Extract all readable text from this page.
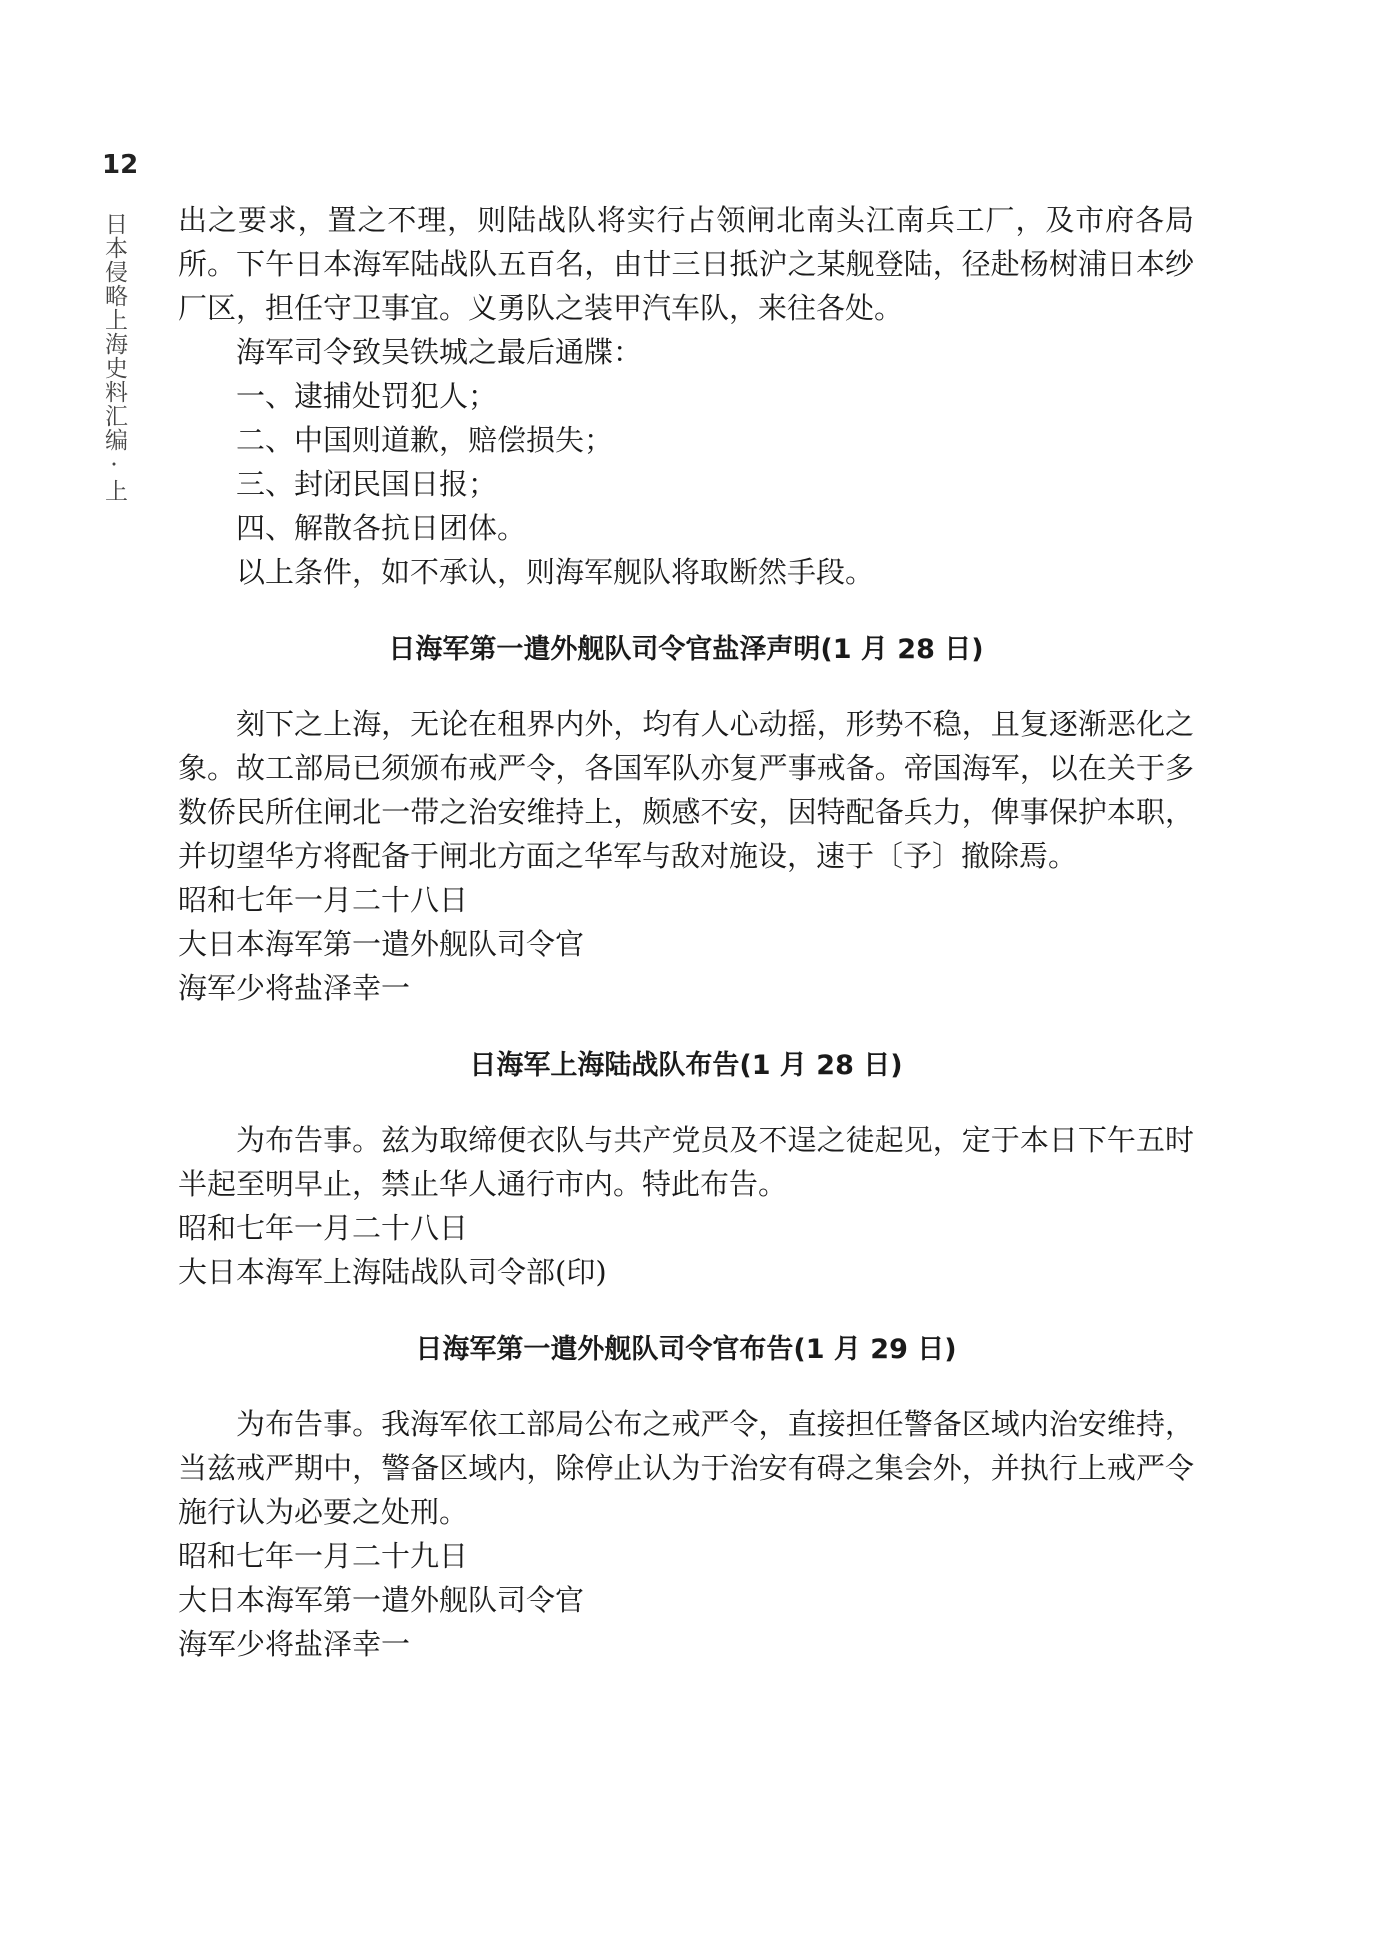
12
日本侵略上海史料汇编·上 出之要求，置之不理，则陆战队将实行占领闸北南头江南兵工厂，及市府各局所。下午日本海军陆战队五百名，由廿三日抵沪之某舰登陆，径赴杨树浦日本纱厂区，担任守卫事宜。义勇队之装甲汽车队，来往各处。

海军司令致吴铁城之最后通牒：

一、逮捕处罚犯人；

二、中国则道歉，赔偿损失；

三、封闭民国日报；

四、解散各抗日团体。

以上条件，如不承认，则海军舰队将取断然手段。

日海军第一遣外舰队司令官盐泽声明(1 月 28 日)

刻下之上海，无论在租界内外，均有人心动摇，形势不稳，且复逐渐恶化之象。故工部局已须颁布戒严令，各国军队亦复严事戒备。帝国海军，以在关于多数侨民所住闸北一带之治安维持上，颇感不安，因特配备兵力，俾事保护本职，并切望华方将配备于闸北方面之华军与敌对施设，速于〔予〕撤除焉。

昭和七年一月二十八日

大日本海军第一遣外舰队司令官

海军少将盐泽幸一

日海军上海陆战队布告(1 月 28 日)

为布告事。兹为取缔便衣队与共产党员及不逞之徒起见，定于本日下午五时半起至明早止，禁止华人通行市内。特此布告。

昭和七年一月二十八日

大日本海军上海陆战队司令部(印)

日海军第一遣外舰队司令官布告(1 月 29 日)

为布告事。我海军依工部局公布之戒严令，直接担任警备区域内治安维持，当兹戒严期中，警备区域内，除停止认为于治安有碍之集会外，并执行上戒严令施行认为必要之处刑。

昭和七年一月二十九日

大日本海军第一遣外舰队司令官

海军少将盐泽幸一
